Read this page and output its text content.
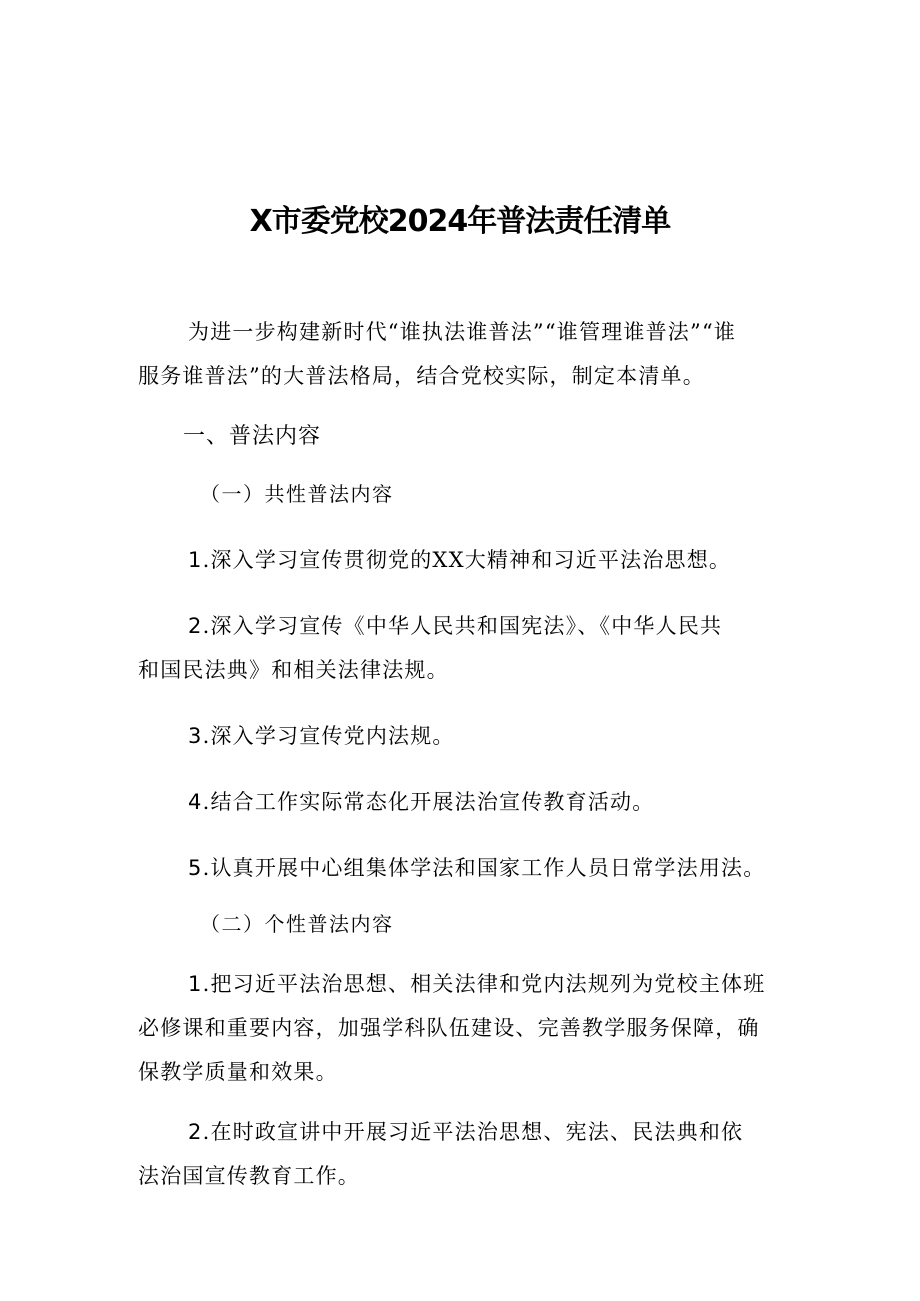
X市委党校2024年普法责任清单
为进一步构建新时代“谁执法谁普法”“谁管理谁普法”“谁
服务谁普法”的大普法格局，结合党校实际，制定本清单。
一、普法内容
（一）共性普法内容
1.深入学习宣传贯彻党的XX大精神和习近平法治思想。
2.深入学习宣传《中华人民共和国宪法》、《中华人民共
和国民法典》和相关法律法规。
3.深入学习宣传党内法规。
4.结合工作实际常态化开展法治宣传教育活动。
5.认真开展中心组集体学法和国家工作人员日常学法用法。
（二）个性普法内容
1.把习近平法治思想、相关法律和党内法规列为党校主体班
必修课和重要内容，加强学科队伍建设、完善教学服务保障，确
保教学质量和效果。
2.在时政宣讲中开展习近平法治思想、宪法、民法典和依
法治国宣传教育工作。
